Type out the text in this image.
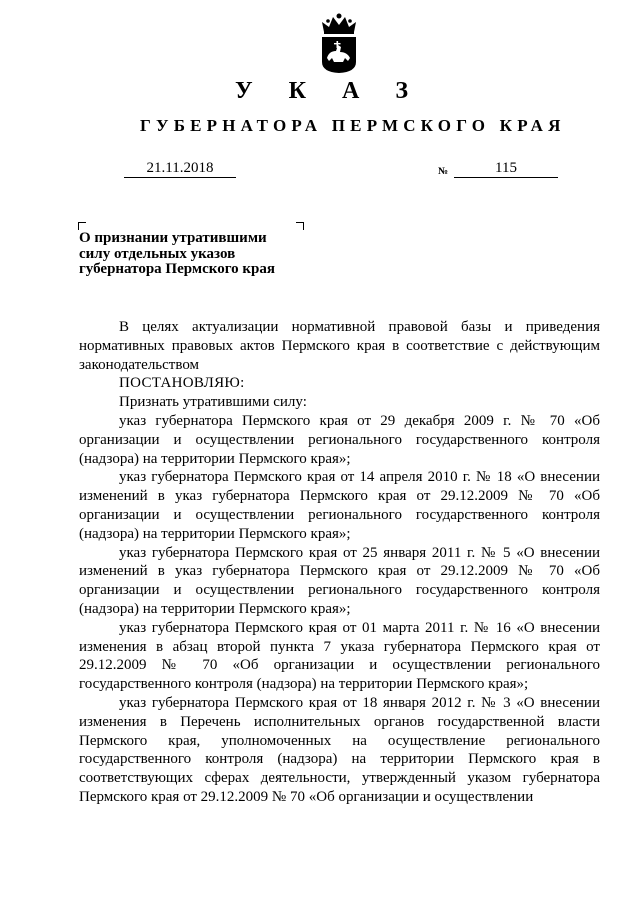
У К А З
ГУБЕРНАТОРА ПЕРМСКОГО КРАЯ
21.11.2018	№	115
О признании утратившими
силу отдельных указов
губернатора Пермского края

В целях актуализации нормативной правовой базы и приведения нормативных правовых актов Пермского края в соответствие с действующим законодательством

ПОСТАНОВЛЯЮ:

Признать утратившими силу:

указ губернатора Пермского края от 29 декабря 2009 г. № 70 «Об организации и осуществлении регионального государственного контроля (надзора) на территории Пермского края»;

указ губернатора Пермского края от 14 апреля 2010 г. № 18 «О внесении изменений в указ губернатора Пермского края от 29.12.2009 № 70 «Об организации и осуществлении регионального государственного контроля (надзора) на территории Пермского края»;

указ губернатора Пермского края от 25 января 2011 г. № 5 «О внесении изменений в указ губернатора Пермского края от 29.12.2009 № 70 «Об организации и осуществлении регионального государственного контроля (надзора) на территории Пермского края»;

указ губернатора Пермского края от 01 марта 2011 г. № 16 «О внесении изменения в абзац второй пункта 7 указа губернатора Пермского края от 29.12.2009 № 70 «Об организации и осуществлении регионального государственного контроля (надзора) на территории Пермского края»;

указ губернатора Пермского края от 18 января 2012 г. № 3 «О внесении изменения в Перечень исполнительных органов государственной власти Пермского края, уполномоченных на осуществление регионального государственного контроля (надзора) на территории Пермского края в соответствующих сферах деятельности, утвержденный указом губернатора Пермского края от 29.12.2009 № 70 «Об организации и осуществлении
